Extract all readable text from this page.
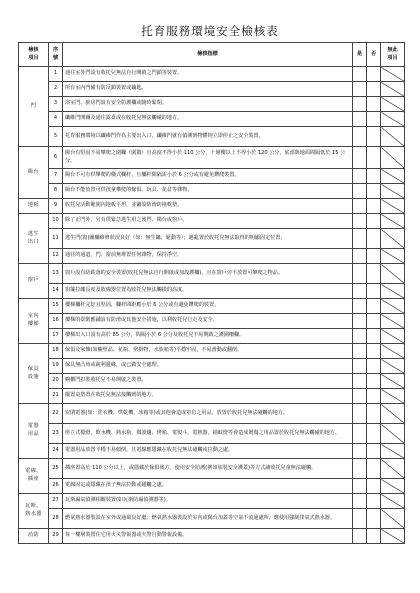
托育服務環境安全檢核表
檢核
項目	序
號	檢核指標	是	否	無此
項目
門	1	通往室外門設有收托兒無法自行開啟之門鎖等裝置。			
	2	所有室內門備有防反鎖裝置或鑰匙。			
	3	浴室門、廚房門設有安全防護欄或隨時緊閉。			
	4	纖維門開關及通往露臺或在收托兒無法觸碰的地方。			
	5	托育服務環境以纖維門作為主要出入口，纖維門就有偵測到物體則立即停止之安全裝置。			
陽台	6	陽台有堅固不易攀爬之圍欄（圍牆）且高度不得小於 110 公分，十層樓以上不得小於 120 公分，底部與地面間隔低於 15 公分。			
	7	陽台不可有供攀爬的橫式欄杆，且欄杆間隔需小於 6 公分或有避免鑽爬裝置。			
	8	陽台不能放置可供孩童攀爬的傢俱、玩具、花盆等雜物。			
地板	9	收托兒活動範圍內地板平坦，並鋪設防滑防撞軟墊。			
逃生
出口	10	除了正門外，另有供緊急逃生用之後門、陽台或窗戶。			
	11	逃生門(窗)圖欄維修狀況良好（如：無生鏽、鬆動等）；遇亂置於收托兒無法取得的明顯固定位置。			
	12	通往的通道、門、窗前無堆置任何雜物，保持淨空。			
窗戶	13	窗戶設有防跌落的安全裝置(收托兒無法自行開啟或加設護欄)，且在窗戶旁不放置可攀爬之物品。			
	14	窗簾拉繩長度及收線器位置為收托兒無法觸摸的高度。			
室內
樓梯	15	樓梯欄杆完好且堅固，欄杆間距應小於 6 公分或有避免鑽爬的裝置。			
	16	樓梯的臺階應鋪設有防滑或其他安全措施，以利收托兒行走及安全。			
	17	樓梯出入口設有高於 85 公分，間隔小於 6 公分及收托兒不易開啟之護圍柵欄。			
傢具
設施	18	傢俱及家飾(如櫥壁品、花瓶、壁掛物、水族箱等)平穩牢固，不易滑動或翻倒。			
	19	傢具無凸角或銳利邊緣，或已做安全處理。			
	20	櫥櫃門扣裝收托兒不易開啟之裝置。			
	21	擺置桌墊置在收托兒無法接觸到的地方。			
電器
用品	22	密閉電器(如：洗衣機、烘乾機、冰箱等)或其他會造成窒息之用品，放置於收托兒無法碰觸的地方。			
	23	座立式檯燈、飲水機、熱水瓶、微波爐、烤箱、電熨斗、電熱器、捕蚊燈等會造成燙傷之用品置於收托兒無法觸碰的地方。			
	24	電器用品放置平穩不易傾倒，且電線應隱藏在收托兒無法碰觸或拉動之處。			
電線、
插座	25	插座置高於 110 公分以上，或隱藏於傢俱後方，使用安全防護(例如加裝安全護蓋)等方式讓收托兒童無法碰觸。			
	26	電線固定或隱藏在孩子無法拉動或碰觸之處。			
瓦斯、
熱水器	27	瓦斯漏氣偵測相關裝置(如瓦斯防漏偵測器等)。			
	28	燃氣熱水器裝設在室外或通風良好處；燃氣熱水器裝設於室內或陽台加蓋等空氣不流通處所，應使用強制排氣式熱水器。			
消防	29	每一樓層裝置住宅用火災警報器或火警自動警報設備。			
